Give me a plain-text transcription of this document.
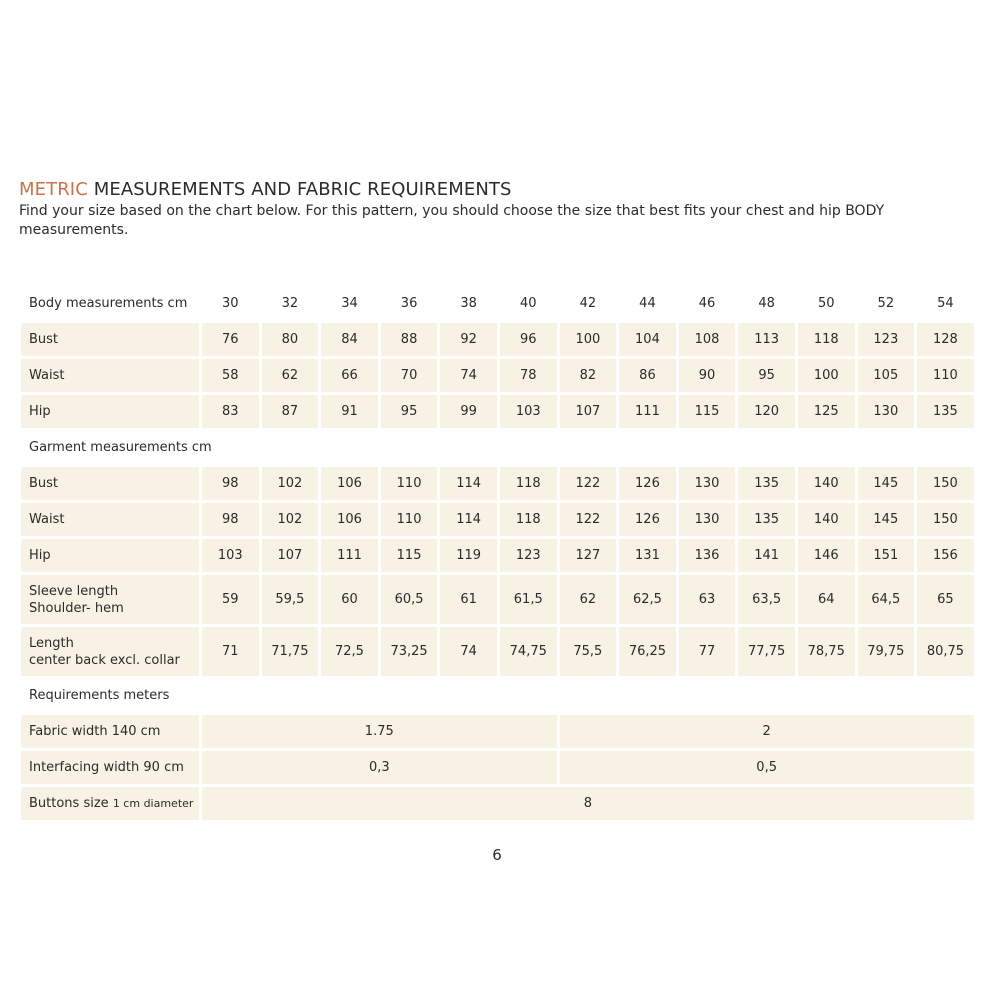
METRIC MEASUREMENTS AND FABRIC REQUIREMENTS
Find your size based on the chart below. For this pattern, you should choose the size that best fits your chest and hip BODY measurements.
Body measurements cm	30	32	34	36	38	40	42	44	46	48	50	52	54
Bust	76	80	84	88	92	96	100	104	108	113	118	123	128
Waist	58	62	66	70	74	78	82	86	90	95	100	105	110
Hip	83	87	91	95	99	103	107	111	115	120	125	130	135
Garment measurements cm													
Bust	98	102	106	110	114	118	122	126	130	135	140	145	150
Waist	98	102	106	110	114	118	122	126	130	135	140	145	150
Hip	103	107	111	115	119	123	127	131	136	141	146	151	156
Sleeve length
Shoulder- hem	59	59,5	60	60,5	61	61,5	62	62,5	63	63,5	64	64,5	65
Length
center back excl. collar	71	71,75	72,5	73,25	74	74,75	75,5	76,25	77	77,75	78,75	79,75	80,75
Requirements meters													
Fabric width 140 cm	1.75						2						
Interfacing width 90 cm	0,3						0,5						
Buttons size 1 cm diameter	8												
6
